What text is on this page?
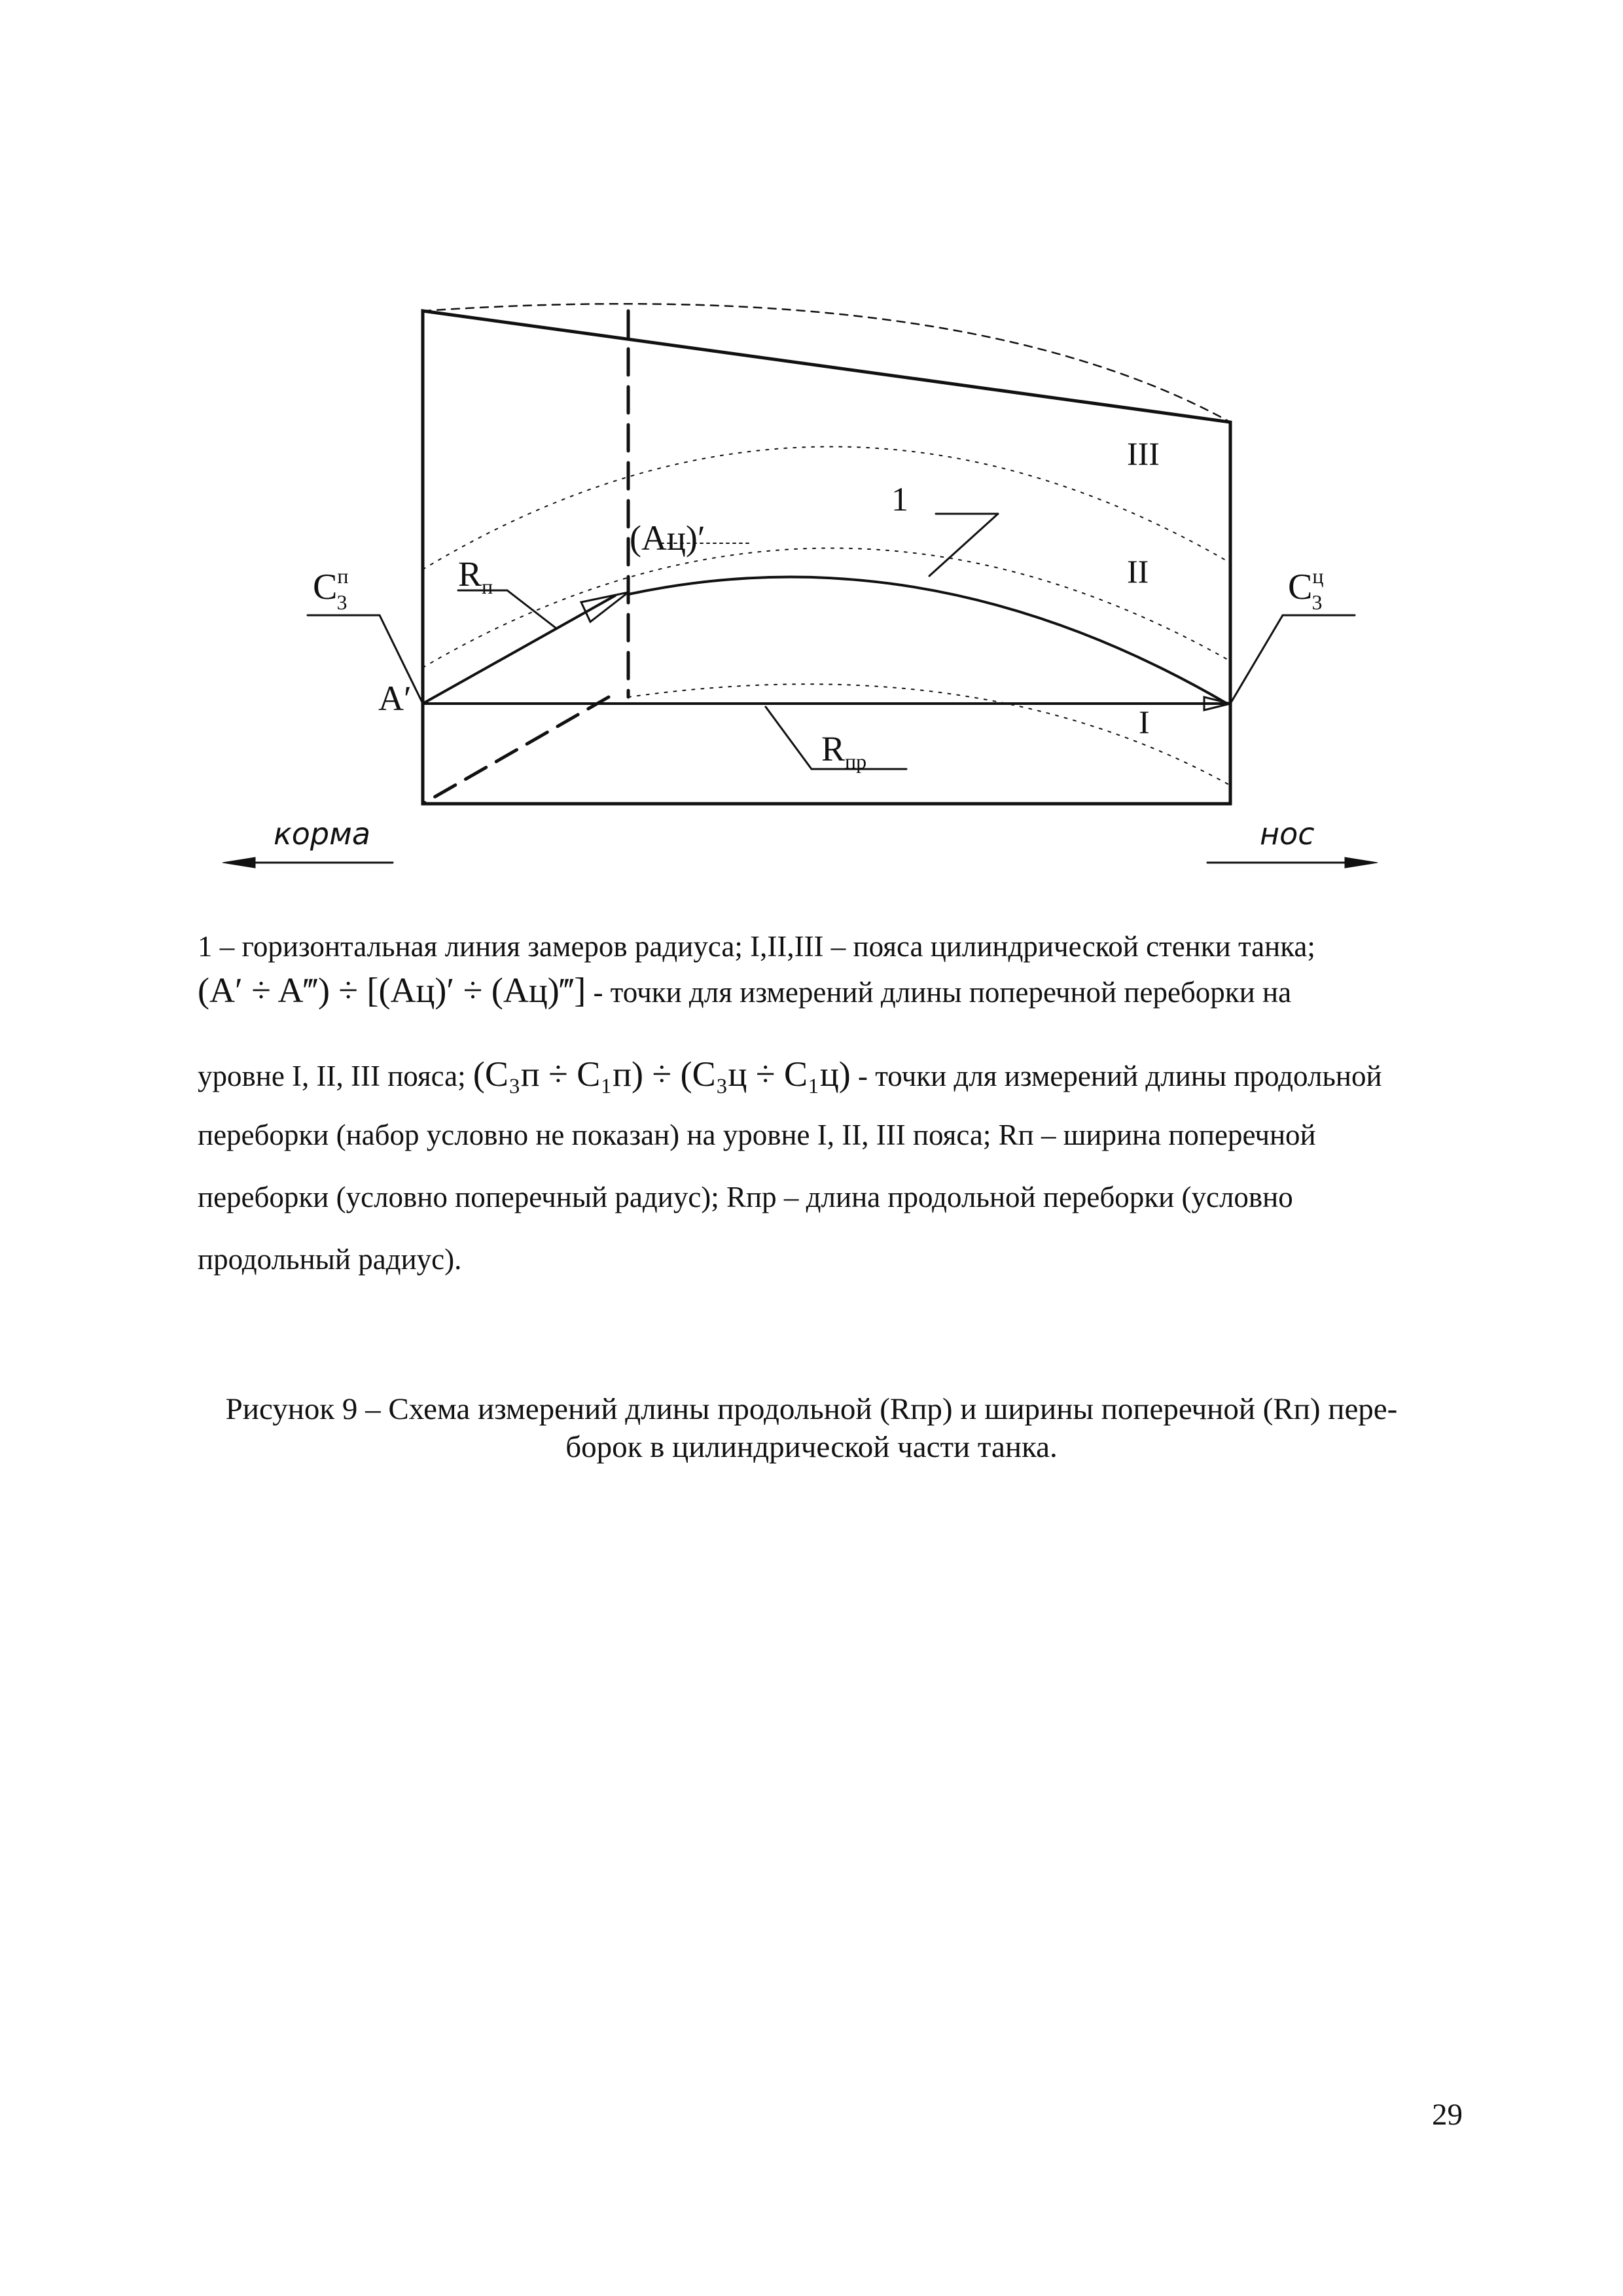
$C^п$ 3	$C^ц$ 3
$R_п$
$R_{пр}$
A′
(Aц)′
1
I
II
III
корма	нос
1 – горизонтальная линия замеров радиуса; I,II,III – пояса цилиндрической стенки танка;
(A′ ÷ A‴) ÷ [(Aц)′ ÷ (Aц)‴] - точки для измерений длины поперечной переборки на
уровне I, II, III пояса; (C₃п ÷ C₁п) ÷ (C₃ц ÷ C₁ц) - точки для измерений длины продольной
переборки (набор условно не показан) на уровне I, II, III пояса; Rп – ширина поперечной
переборки (условно поперечный радиус); Rпр – длина продольной переборки (условно
продольный радиус).
Рисунок 9 – Схема измерений длины продольной (Rпр) и ширины поперечной (Rп) пере-
борок в цилиндрической части танка.
29
